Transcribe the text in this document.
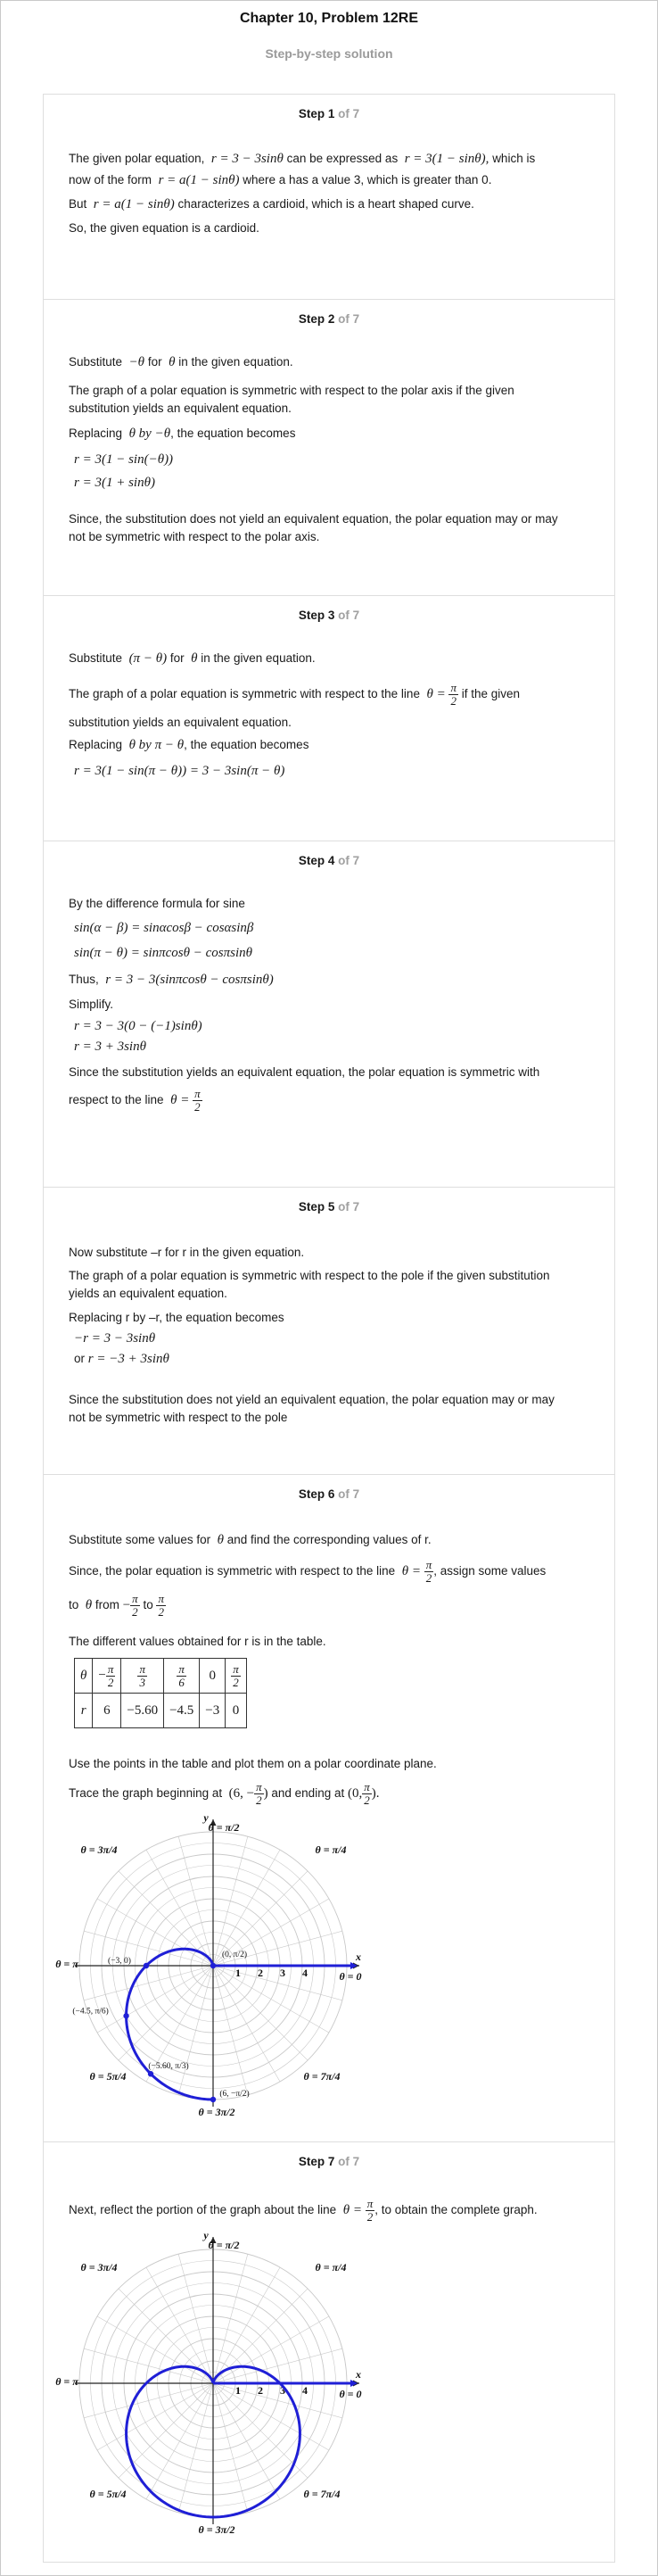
Chapter 10, Problem 12RE
Step-by-step solution
Step 1 of 7
The given polar equation, r = 3 − 3sinθ can be expressed as r = 3(1 − sinθ), which is
now of the form r = a(1 − sinθ) where a has a value 3, which is greater than 0.
But r = a(1 − sinθ) characterizes a cardioid, which is a heart shaped curve.
So, the given equation is a cardioid.
Step 2 of 7
Substitute −θ for θ in the given equation.
The graph of a polar equation is symmetric with respect to the polar axis if the given
substitution yields an equivalent equation.
Replacing θ by −θ, the equation becomes
r = 3(1 − sin(−θ))
r = 3(1 + sinθ)
Since, the substitution does not yield an equivalent equation, the polar equation may or may
not be symmetric with respect to the polar axis.
Step 3 of 7
Substitute (π − θ) for θ in the given equation.
The graph of a polar equation is symmetric with respect to the line $\theta = \frac{\pi}{2}$ if the given
substitution yields an equivalent equation.
Replacing θ by π − θ, the equation becomes
r = 3(1 − sin(π − θ)) = 3 − 3sin(π − θ)
Step 4 of 7
By the difference formula for sine
sin(α − β) = sinαcosβ − cosαsinβ
sin(π − θ) = sinπcosθ − cosπsinθ
Thus, r = 3 − 3(sinπcosθ − cosπsinθ)
Simplify.
r = 3 − 3(0 − (−1)sinθ)
r = 3 + 3sinθ
Since the substitution yields an equivalent equation, the polar equation is symmetric with
respect to the line $\theta = \frac{\pi}{2}$
Step 5 of 7
Now substitute –r for r in the given equation.
The graph of a polar equation is symmetric with respect to the pole if the given substitution
yields an equivalent equation.
Replacing r by –r, the equation becomes
−r = 3 − 3sinθ
or r = −3 + 3sinθ
Since the substitution does not yield an equivalent equation, the polar equation may or may
not be symmetric with respect to the pole
Step 6 of 7
Substitute some values for θ and find the corresponding values of r.
Since, the polar equation is symmetric with respect to the line $\theta = \frac{\pi}{2}$ , assign some values
to θ from − $\frac{\pi}{2}$ to $\frac{\pi}{2}$
The different values obtained for r is in the table.
θ	− $\frac{\pi}{2}$	$\frac{\pi}{3}$	$\frac{\pi}{6}$	0	$\frac{\pi}{2}$

r	6	−5.60	−4.5	−3	0
Use the points in the table and plot them on a polar coordinate plane.
Trace the graph beginning at (6, − $\frac{\pi}{2}$ ) and ending at (0, $\frac{\pi}{2}$ ).
x
y
1 2 3 4
θ = π/2
θ = π/4
θ = 3π/4
θ = π
θ = 0
θ = 5π/4	θ = 7π/4
θ = 3π/2
(0, π/2)
(−3, 0)
(−4.5, π/6)
(−5.60, π/3)
(6, −π/2)
Step 7 of 7
Next, reflect the portion of the graph about the line $\theta = \frac{\pi}{2}$ , to obtain the complete graph.
x
y
1 2 3 4
θ = π/2
θ = π/4
θ = 3π/4
θ = π
θ = 0
θ = 5π/4	θ = 7π/4
θ = 3π/2
